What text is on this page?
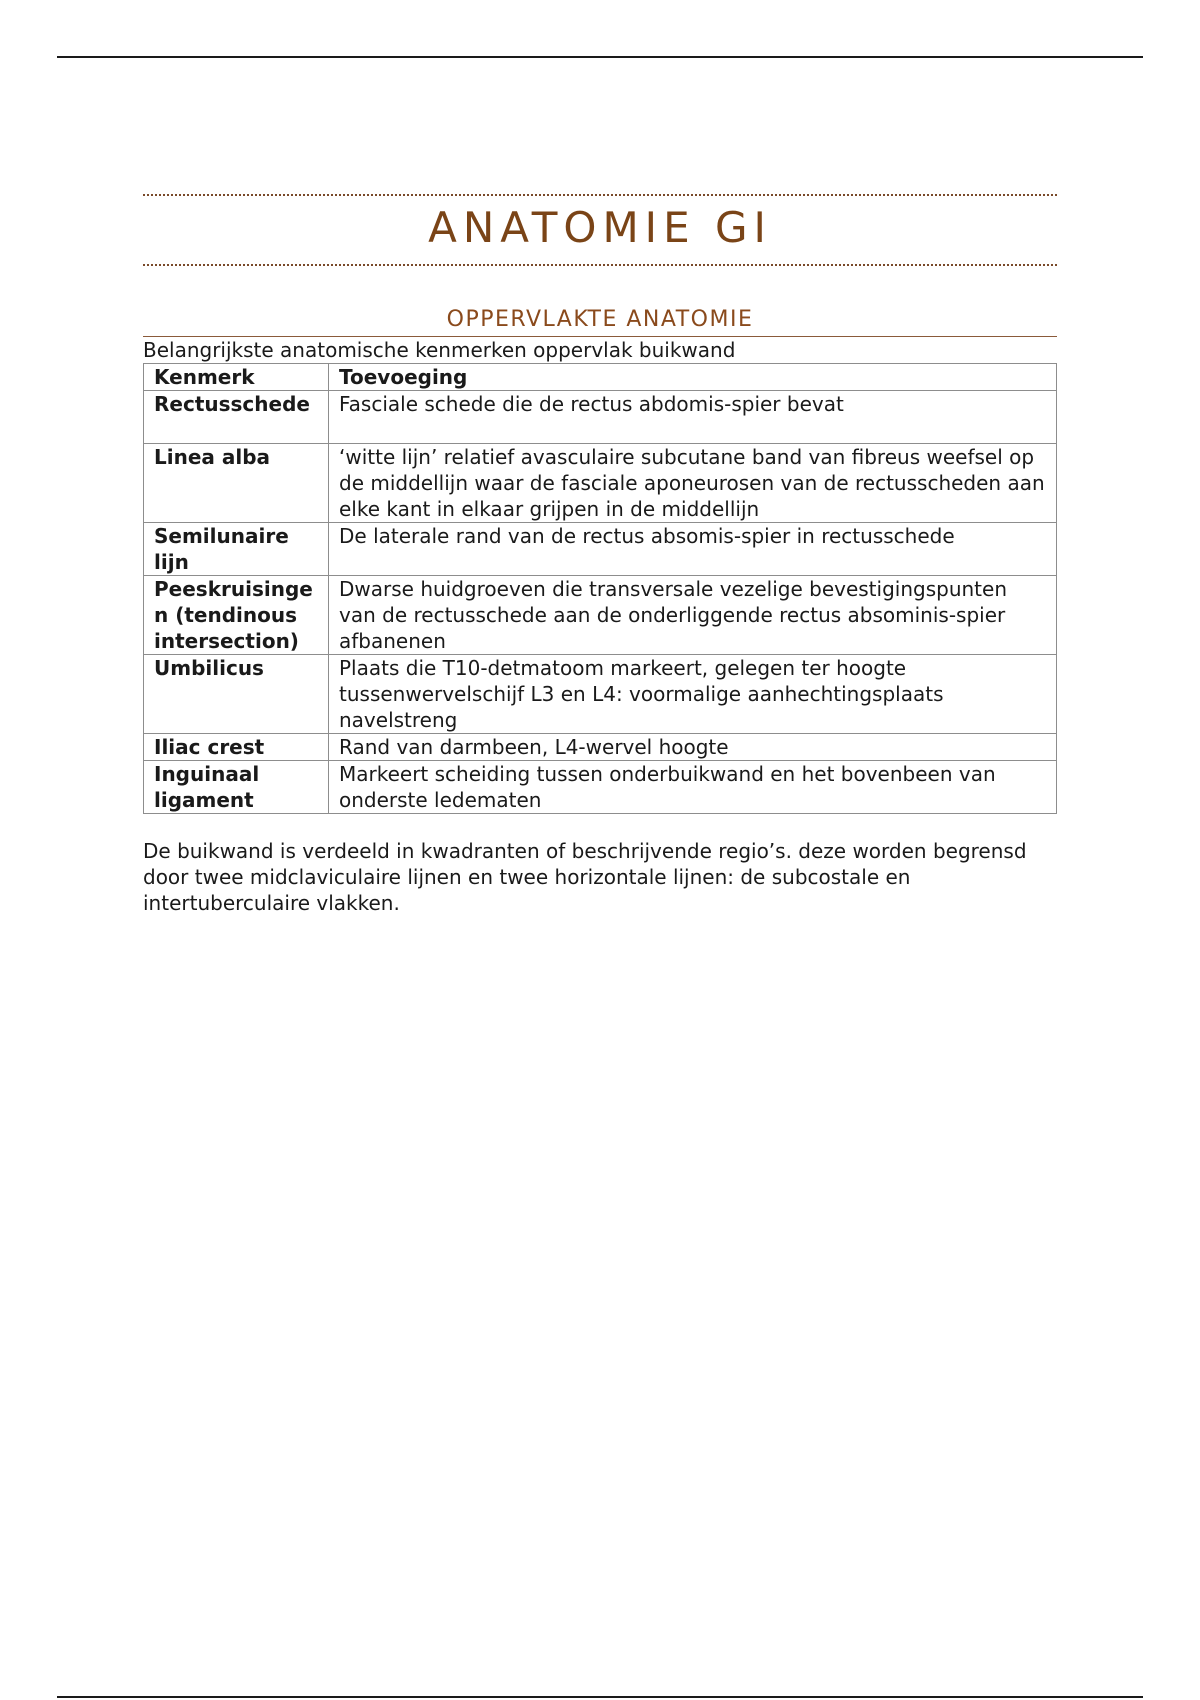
ANATOMIE GI
OPPERVLAKTE ANATOMIE

Belangrijkste anatomische kenmerken oppervlak buikwand

Kenmerk	Toevoeging
Rectusschede	Fasciale schede die de rectus abdomis-spier bevat
Linea alba	‘witte lijn’ relatief avasculaire subcutane band van fibreus weefsel op de middellijn waar de fasciale aponeurosen van de rectusscheden aan elke kant in elkaar grijpen in de middellijn
Semilunaire lijn	De laterale rand van de rectus absomis-spier in rectusschede
Peeskruisingen (tendinous intersection)	Dwarse huidgroeven die transversale vezelige bevestigingspunten van de rectusschede aan de onderliggende rectus absominis-spier afbanenen
Umbilicus	Plaats die T10-detmatoom markeert, gelegen ter hoogte tussenwervelschijf L3 en L4: voormalige aanhechtingsplaats navelstreng
Iliac crest	Rand van darmbeen, L4-wervel hoogte
Inguinaal ligament	Markeert scheiding tussen onderbuikwand en het bovenbeen van onderste ledematen

De buikwand is verdeeld in kwadranten of beschrijvende regio’s. deze worden begrensd door twee midclaviculaire lijnen en twee horizontale lijnen: de subcostale en intertuberculaire vlakken.
